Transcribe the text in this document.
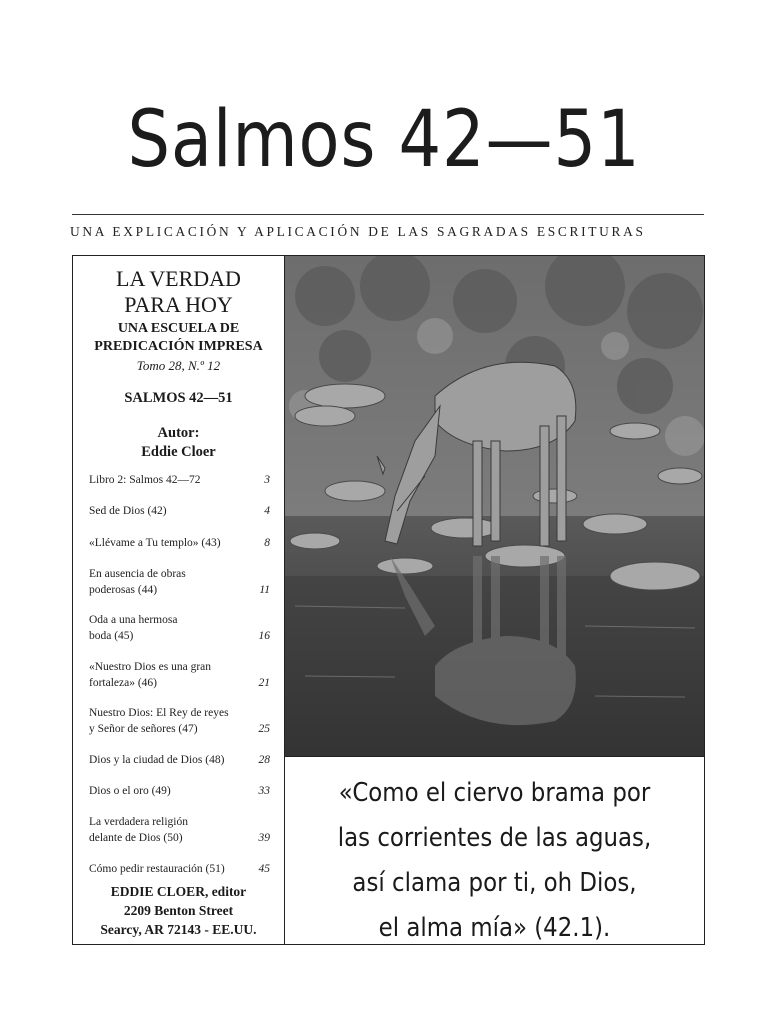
Salmos 42—51
UNA EXPLICACIÓN Y APLICACIÓN DE LAS SAGRADAS ESCRITURAS
LA VERDAD
PARA HOY
UNA ESCUELA DE
PREDICACIÓN IMPRESA
Tomo 28, N.º 12
SALMOS 42—51
Autor:
Eddie Cloer
Libro 2: Salmos 42—72	3
Sed de Dios (42)	4
«Llévame a Tu templo» (43)	8
En ausencia de obras
poderosas (44)	11
Oda a una hermosa
boda (45)	16
«Nuestro Dios es una gran
fortaleza» (46)	21
Nuestro Dios: El Rey de reyes
y Señor de señores (47)	25
Dios y la ciudad de Dios (48)	28
Dios o el oro (49)	33
La verdadera religión
delante de Dios (50)	39
Cómo pedir restauración (51)	45
EDDIE CLOER, editor
2209 Benton Street
Searcy, AR 72143 - EE.UU.
«Como el ciervo brama por
las corrientes de las aguas,
así clama por ti, oh Dios,
el alma mía» (42.1).
